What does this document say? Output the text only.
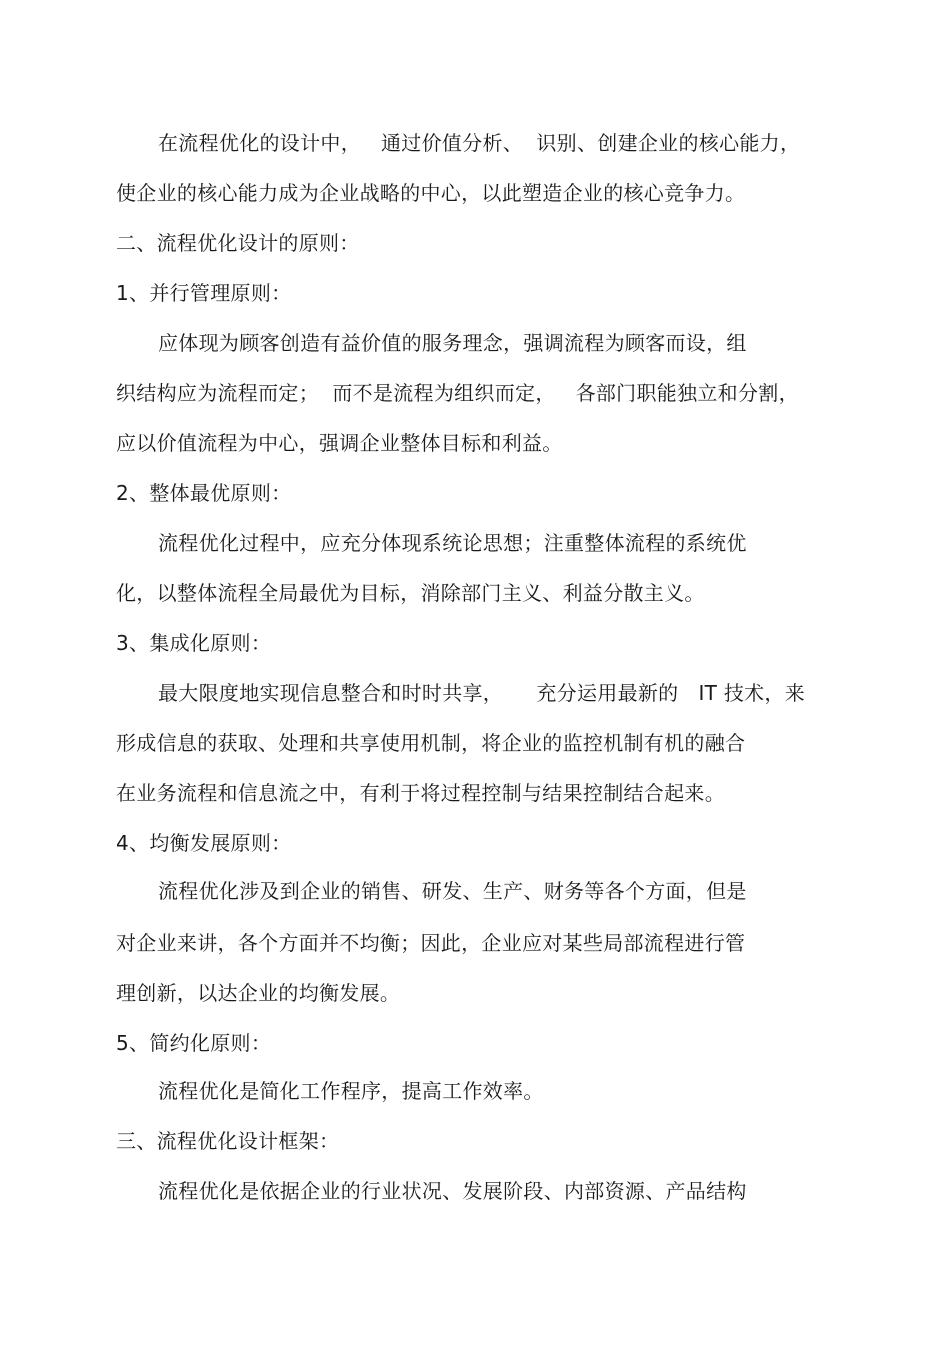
在流程优化的设计中，   通过价值分析、  识别、创建企业的核心能力，
使企业的核心能力成为企业战略的中心，以此塑造企业的核心竞争力。
二、流程优化设计的原则：
1、并行管理原则：
应体现为顾客创造有益价值的服务理念，强调流程为顾客而设，组
织结构应为流程而定；  而不是流程为组织而定，   各部门职能独立和分割，
应以价值流程为中心，强调企业整体目标和利益。
2、整体最优原则：
流程优化过程中，应充分体现系统论思想；注重整体流程的系统优
化，以整体流程全局最优为目标，消除部门主义、利益分散主义。
3、集成化原则：
最大限度地实现信息整合和时时共享，     充分运用最新的   IT 技术，来
形成信息的获取、处理和共享使用机制，将企业的监控机制有机的融合
在业务流程和信息流之中，有利于将过程控制与结果控制结合起来。
4、均衡发展原则：
流程优化涉及到企业的销售、研发、生产、财务等各个方面，但是
对企业来讲，各个方面并不均衡；因此，企业应对某些局部流程进行管
理创新，以达企业的均衡发展。
5、简约化原则：
流程优化是简化工作程序，提高工作效率。
三、流程优化设计框架：
流程优化是依据企业的行业状况、发展阶段、内部资源、产品结构
